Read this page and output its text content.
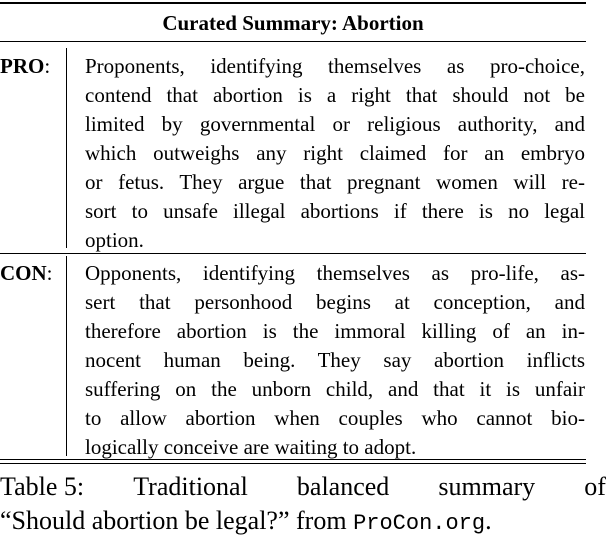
Curated Summary: Abortion
PRO: Proponents, identifying themselves as pro-choice,
contend that abortion is a right that should not be
limited by governmental or religious authority, and
which outweighs any right claimed for an embryo
or fetus. They argue that pregnant women will re-
sort to unsafe illegal abortions if there is no legal
option.
CON: Opponents, identifying themselves as pro-life, as-
sert that personhood begins at conception, and
therefore abortion is the immoral killing of an in-
nocent human being. They say abortion inflicts
suffering on the unborn child, and that it is unfair
to allow abortion when couples who cannot bio-
logically conceive are waiting to adopt.
Table 5: Traditional balanced summary of
“Should abortion be legal?” from ProCon.org.
